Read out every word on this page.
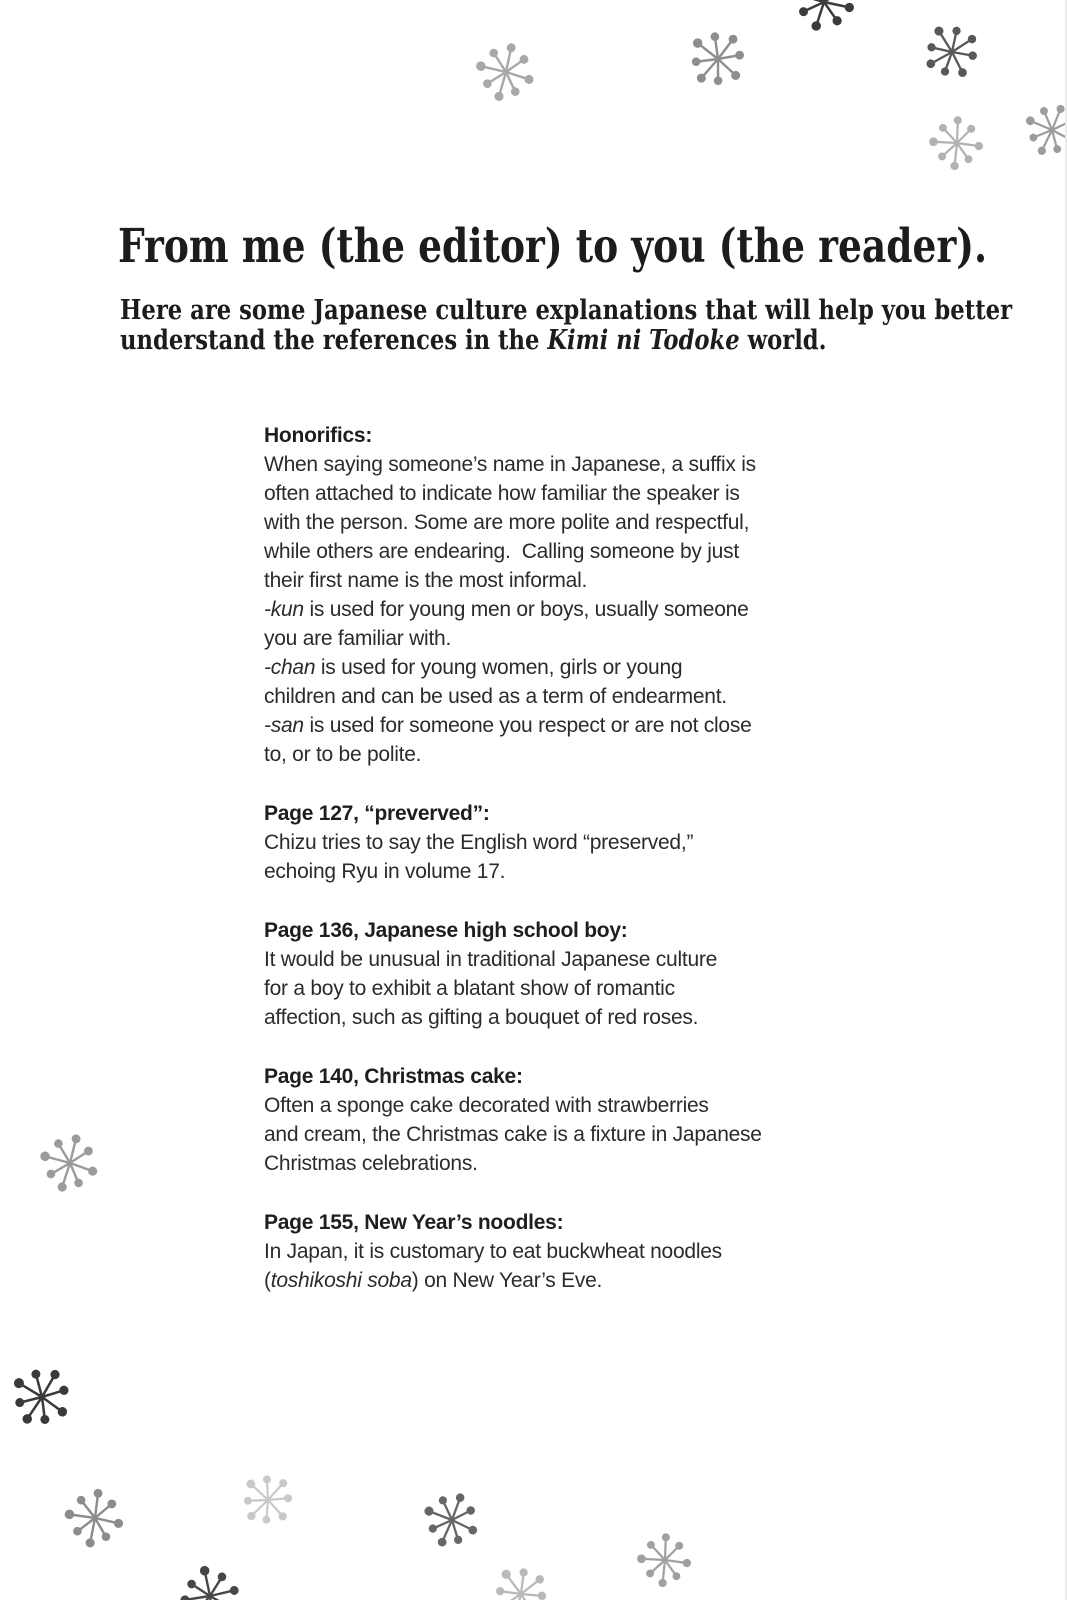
From me (the editor) to you (the reader).

Here are some Japanese culture explanations that will help you better
understand the references in the Kimi ni Todoke world.

Honorifics:
When saying someone’s name in Japanese, a suffix is
often attached to indicate how familiar the speaker is
with the person. Some are more polite and respectful,
while others are endearing.  Calling someone by just
their first name is the most informal.
-kun is used for young men or boys, usually someone
you are familiar with.
-chan is used for young women, girls or young
children and can be used as a term of endearment.
-san is used for someone you respect or are not close
to, or to be polite.
Page 127, “preverved”:
Chizu tries to say the English word “preserved,”
echoing Ryu in volume 17.
Page 136, Japanese high school boy:
It would be unusual in traditional Japanese culture
for a boy to exhibit a blatant show of romantic
affection, such as gifting a bouquet of red roses.
Page 140, Christmas cake:
Often a sponge cake decorated with strawberries
and cream, the Christmas cake is a fixture in Japanese
Christmas celebrations.
Page 155, New Year’s noodles:
In Japan, it is customary to eat buckwheat noodles
(toshikoshi soba) on New Year’s Eve.
